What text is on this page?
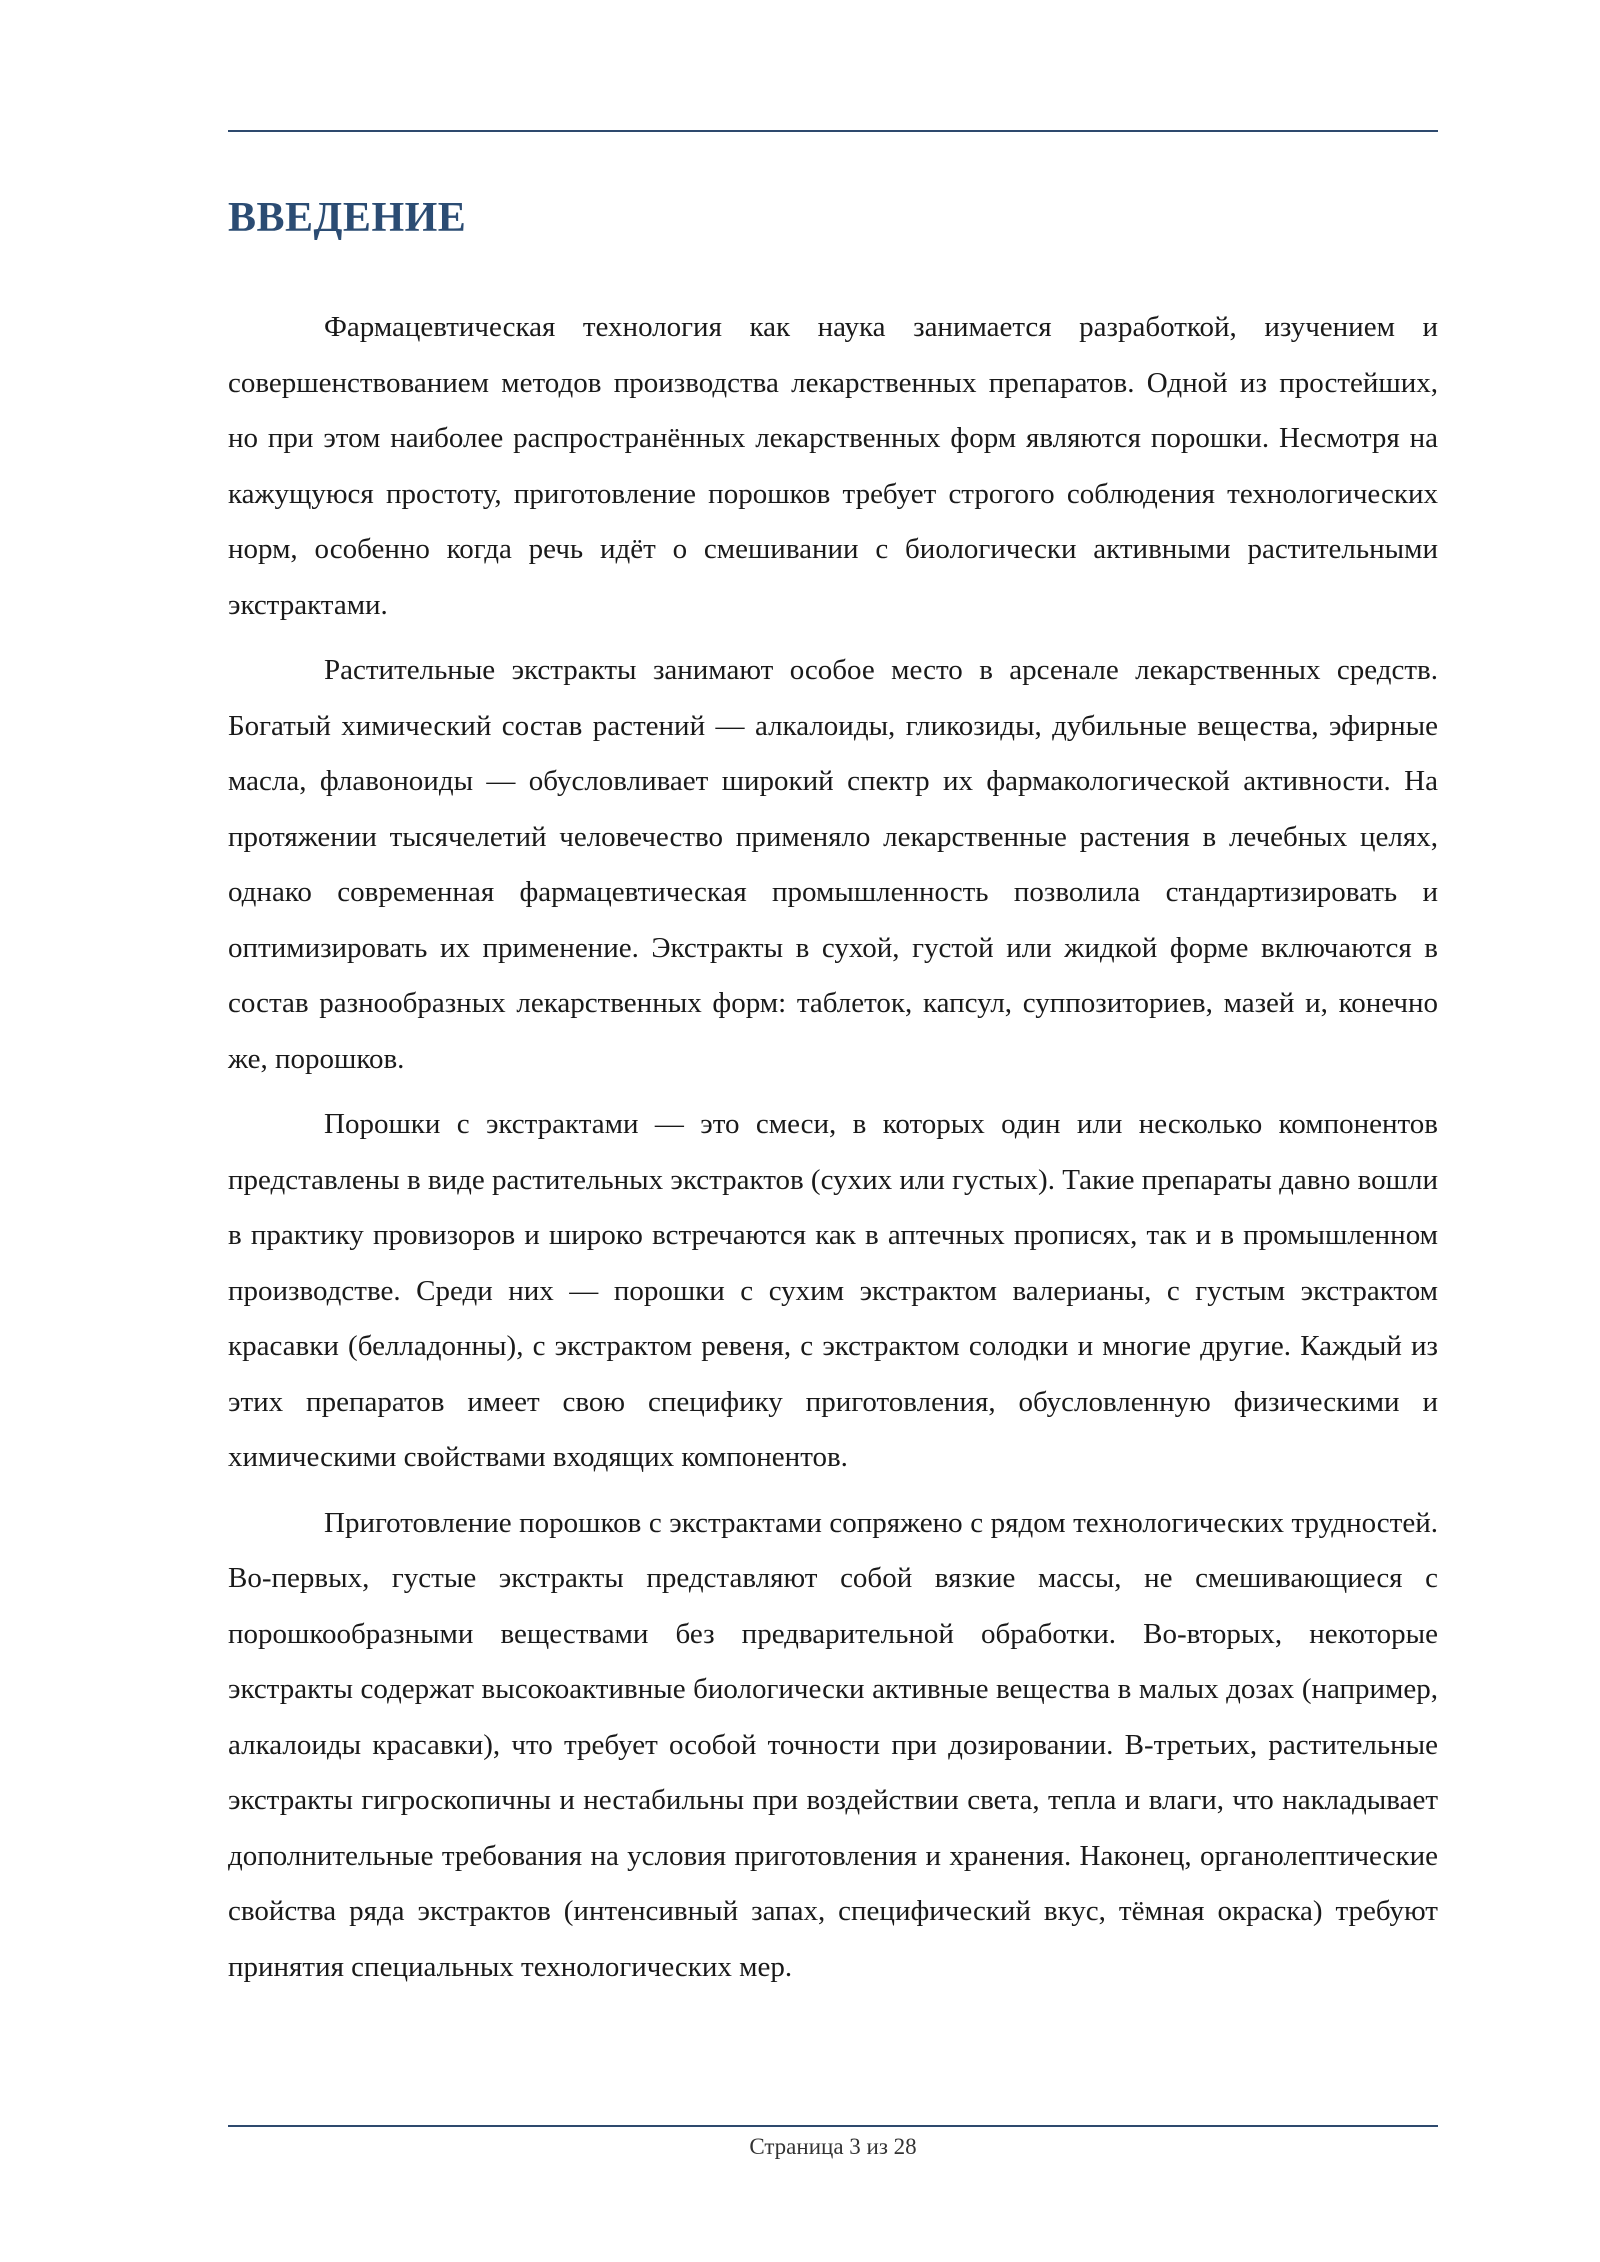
ВВЕДЕНИЕ

Фармацевтическая технология как наука занимается разработкой, изучением и совершенствованием методов производства лекарственных препаратов. Одной из простейших, но при этом наиболее распространённых лекарственных форм являются порошки. Несмотря на кажущуюся простоту, приготовление порошков требует строгого соблюдения технологических норм, особенно когда речь идёт о смешивании с биологически активными растительными экстрактами.

Растительные экстракты занимают особое место в арсенале лекарственных средств. Богатый химический состав растений — алкалоиды, гликозиды, дубильные вещества, эфирные масла, флавоноиды — обусловливает широкий спектр их фармакологической активности. На протяжении тысячелетий человечество применяло лекарственные растения в лечебных целях, однако современная фармацевтическая промышленность позволила стандартизировать и оптимизировать их применение. Экстракты в сухой, густой или жидкой форме включаются в состав разнообразных лекарственных форм: таблеток, капсул, суппозиториев, мазей и, конечно же, порошков.

Порошки с экстрактами — это смеси, в которых один или несколько компонентов представлены в виде растительных экстрактов (сухих или густых). Такие препараты давно вошли в практику провизоров и широко встречаются как в аптечных прописях, так и в промышленном производстве. Среди них — порошки с сухим экстрактом валерианы, с густым экстрактом красавки (белладонны), с экстрактом ревеня, с экстрактом солодки и многие другие. Каждый из этих препаратов имеет свою специфику приготовления, обусловленную физическими и химическими свойствами входящих компонентов.

Приготовление порошков с экстрактами сопряжено с рядом технологических трудностей. Во-первых, густые экстракты представляют собой вязкие массы, не смешивающиеся с порошкообразными веществами без предварительной обработки. Во-вторых, некоторые экстракты содержат высокоактивные биологически активные вещества в малых дозах (например, алкалоиды красавки), что требует особой точности при дозировании. В-третьих, растительные экстракты гигроскопичны и нестабильны при воздействии света, тепла и влаги, что накладывает дополнительные требования на условия приготовления и хранения. Наконец, органолептические свойства ряда экстрактов (интенсивный запах, специфический вкус, тёмная окраска) требуют принятия специальных технологических мер.

Страница 3 из 28
